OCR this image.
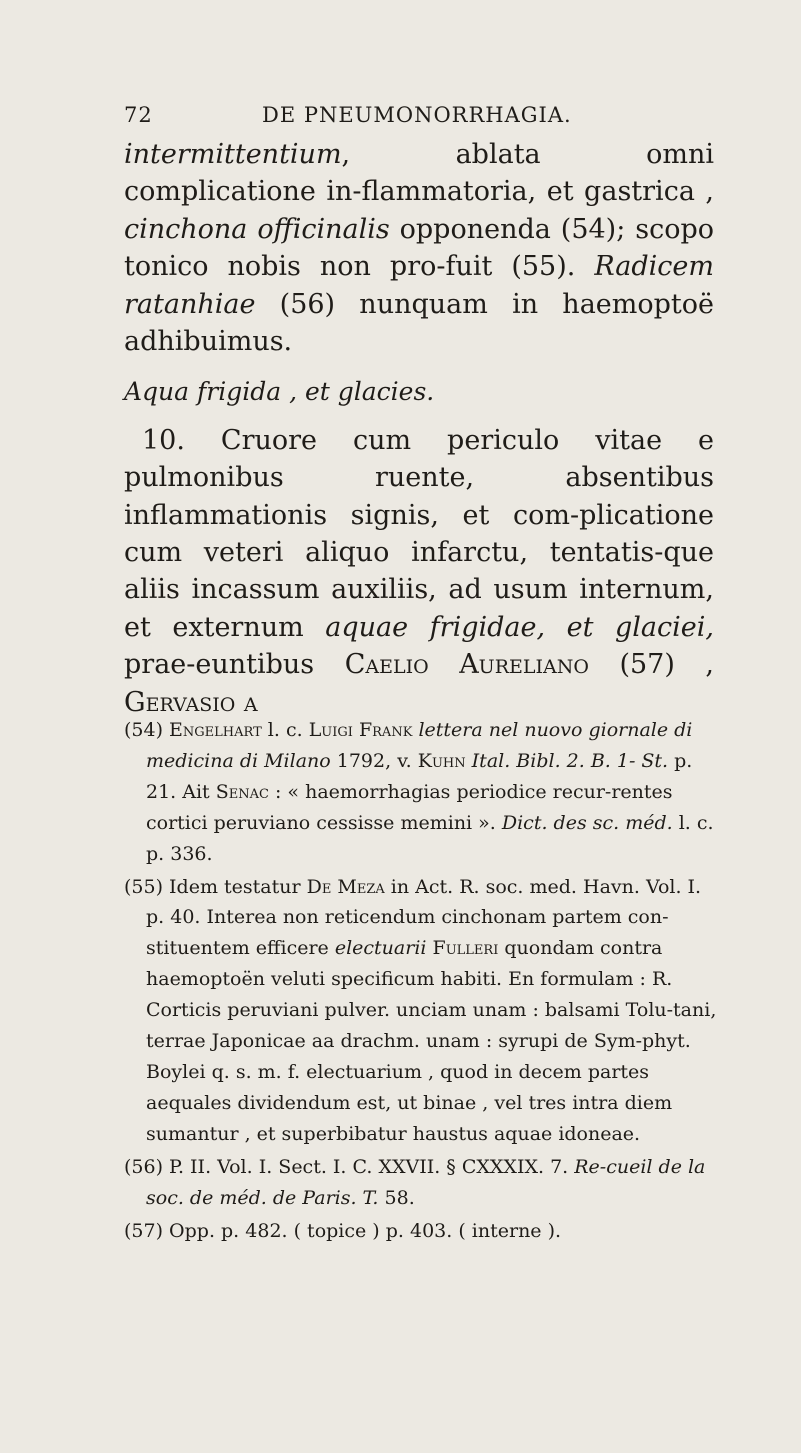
72	DE PNEUMONORRHAGIA.

intermittentium, ablata omni complicatione in-flammatoria, et gastrica , cinchona officinalis opponenda (54); scopo tonico nobis non pro-fuit (55). Radicem ratanhiae (56) nunquam in haemoptoë adhibuimus.

Aqua frigida , et glacies.

10. Cruore cum periculo vitae e pulmonibus ruente, absentibus inflammationis signis, et com-plicatione cum veteri aliquo infarctu, tentatis-que aliis incassum auxiliis, ad usum internum, et externum aquae frigidae, et glaciei, prae-euntibus Caelio Aureliano (57) , Gervasio a

(54) Engelhart l. c. Luigi Frank lettera nel nuovo giornale di medicina di Milano 1792, v. Kuhn Ital. Bibl. 2. B. 1- St. p. 21. Ait Senac : « haemorrhagias periodice recur-rentes cortici peruviano cessisse memini ». Dict. des sc. méd. l. c. p. 336.

(55) Idem testatur De Meza in Act. R. soc. med. Havn. Vol. I. p. 40. Interea non reticendum cinchonam partem con-stituentem efficere electuarii Fulleri quondam contra haemoptoën veluti specificum habiti. En formulam : R. Corticis peruviani pulver. unciam unam : balsami Tolu-tani, terrae Japonicae aa drachm. unam : syrupi de Sym-phyt. Boylei q. s. m. f. electuarium , quod in decem partes aequales dividendum est, ut binae , vel tres intra diem sumantur , et superbibatur haustus aquae idoneae.

(56) P. II. Vol. I. Sect. I. C. XXVII. § CXXXIX. 7. Re-cueil de la soc. de méd. de Paris. T. 58.

(57) Opp. p. 482. ( topice ) p. 403. ( interne ).
